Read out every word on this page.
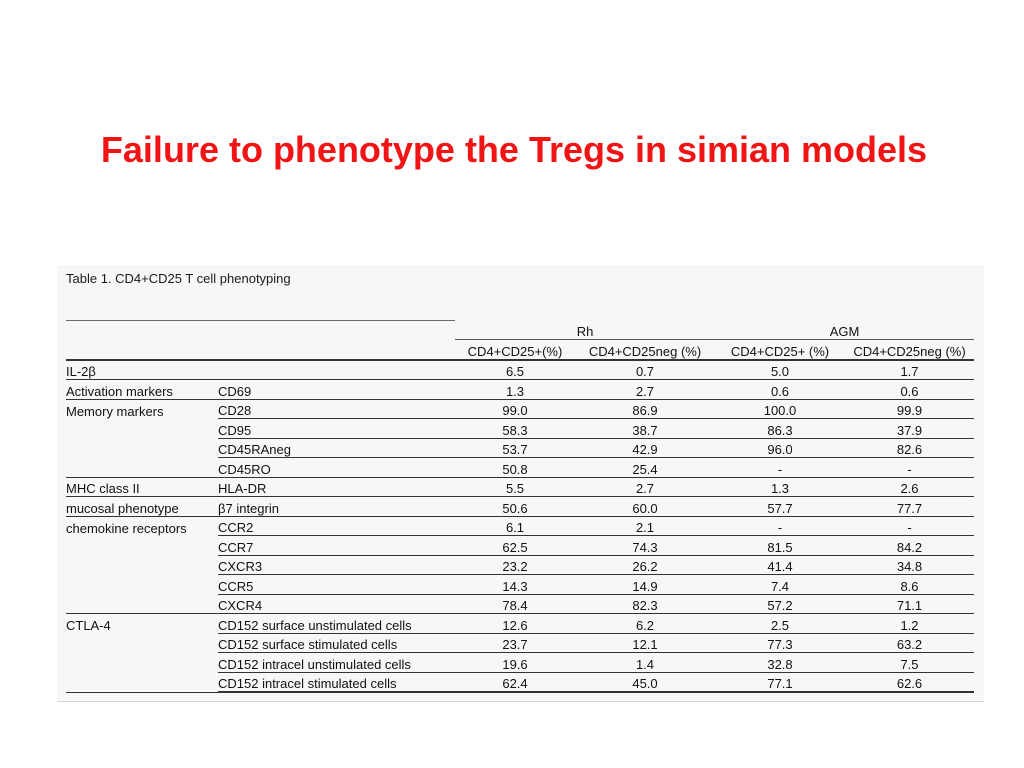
Failure to phenotype the Tregs in simian models
Table 1. CD4+CD25 T cell phenotyping
		Rh		AGM	
		CD4+CD25+(%)	CD4+CD25neg (%)	CD4+CD25+ (%)	CD4+CD25neg (%)
IL-2β		6.5	0.7	5.0	1.7
Activation markers	CD69	1.3	2.7	0.6	0.6
Memory markers	CD28	99.0	86.9	100.0	99.9
	CD95	58.3	38.7	86.3	37.9
	CD45RAneg	53.7	42.9	96.0	82.6
	CD45RO	50.8	25.4	-	-
MHC class II	HLA-DR	5.5	2.7	1.3	2.6
mucosal phenotype	β7 integrin	50.6	60.0	57.7	77.7
chemokine receptors	CCR2	6.1	2.1	-	-
	CCR7	62.5	74.3	81.5	84.2
	CXCR3	23.2	26.2	41.4	34.8
	CCR5	14.3	14.9	7.4	8.6
	CXCR4	78.4	82.3	57.2	71.1
CTLA-4	CD152 surface unstimulated cells	12.6	6.2	2.5	1.2
	CD152 surface stimulated cells	23.7	12.1	77.3	63.2
	CD152 intracel unstimulated cells	19.6	1.4	32.8	7.5
	CD152 intracel stimulated cells	62.4	45.0	77.1	62.6
